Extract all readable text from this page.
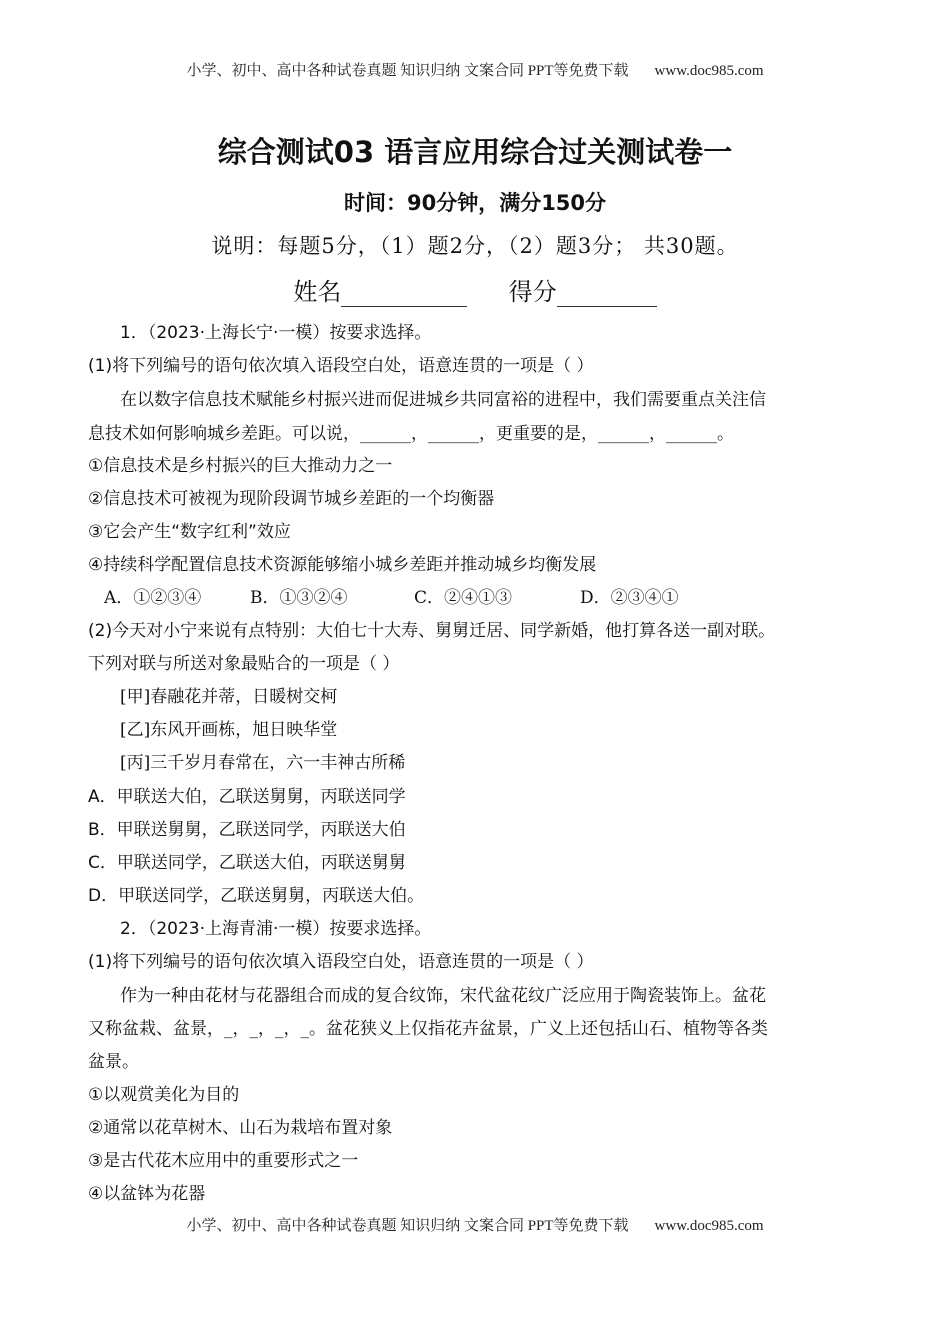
小学、初中、高中各种试卷真题 知识归纳 文案合同 PPT等免费下载 www.doc985.com
综合测试03 语言应用综合过关测试卷一
时间：90分钟，满分150分
说明：每题5分，（1）题2分，（2）题3分； 共30题。
姓名	得分
1．（2023·上海长宁·一模）按要求选择。
(1)将下列编号的语句依次填入语段空白处，语意连贯的一项是（ ）
在以数字信息技术赋能乡村振兴进而促进城乡共同富裕的进程中，我们需要重点关注信
息技术如何影响城乡差距。可以说，______，______，更重要的是，______，______。
①信息技术是乡村振兴的巨大推动力之一
②信息技术可被视为现阶段调节城乡差距的一个均衡器
③它会产生“数字红利”效应
④持续科学配置信息技术资源能够缩小城乡差距并推动城乡均衡发展
A．①②③④	B．①③②④	C．②④①③	D．②③④①
(2)今天对小宁来说有点特别：大伯七十大寿、舅舅迁居、同学新婚，他打算各送一副对联。
下列对联与所送对象最贴合的一项是（ ）
[甲]春融花并蒂，日暖树交柯
[乙]东风开画栋，旭日映华堂
[丙]三千岁月春常在，六一丰神古所稀
A．甲联送大伯，乙联送舅舅，丙联送同学
B．甲联送舅舅，乙联送同学，丙联送大伯
C．甲联送同学，乙联送大伯，丙联送舅舅
D．甲联送同学，乙联送舅舅，丙联送大伯。
2．（2023·上海青浦·一模）按要求选择。
(1)将下列编号的语句依次填入语段空白处，语意连贯的一项是（ ）
作为一种由花材与花器组合而成的复合纹饰，宋代盆花纹广泛应用于陶瓷装饰上。盆花
又称盆栽、盆景，_，_，_，_。盆花狭义上仅指花卉盆景，广义上还包括山石、植物等各类
盆景。
①以观赏美化为目的
②通常以花草树木、山石为栽培布置对象
③是古代花木应用中的重要形式之一
④以盆钵为花器
小学、初中、高中各种试卷真题 知识归纳 文案合同 PPT等免费下载 www.doc985.com
